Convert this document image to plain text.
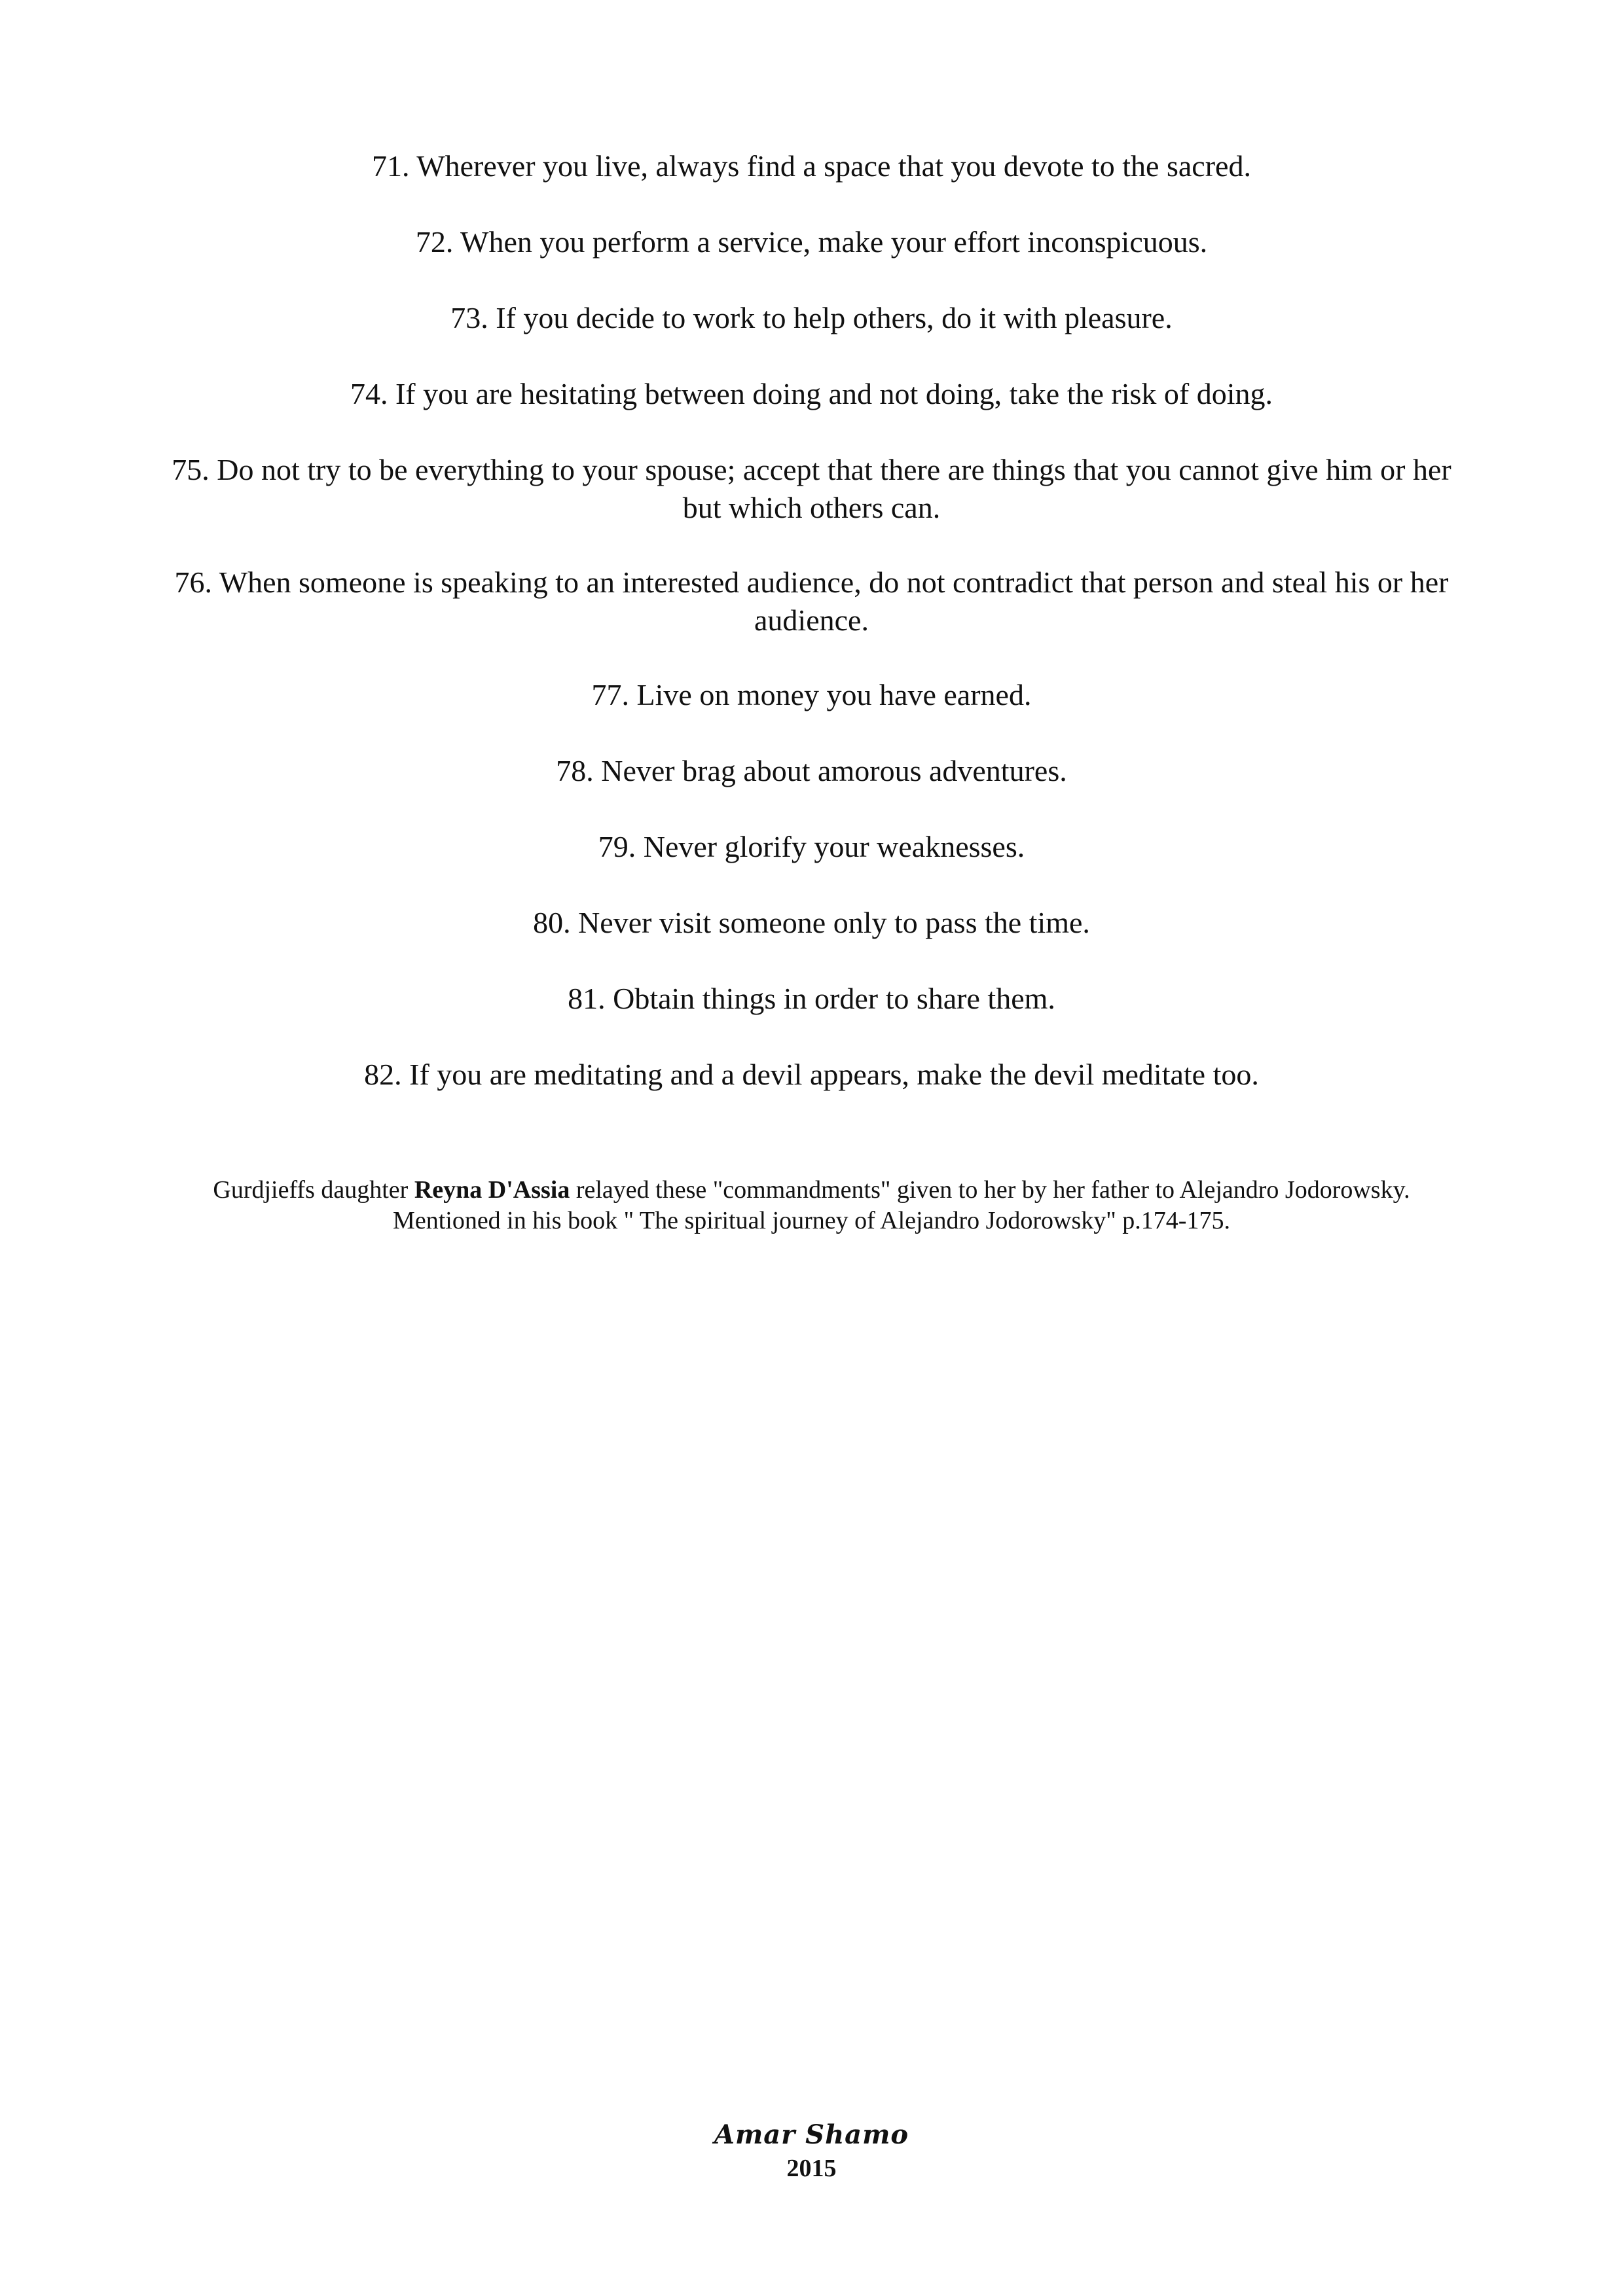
71. Wherever you live, always find a space that you devote to the sacred.
72. When you perform a service, make your effort inconspicuous.
73. If you decide to work to help others, do it with pleasure.
74. If you are hesitating between doing and not doing, take the risk of doing.
75. Do not try to be everything to your spouse; accept that there are things that you cannot give him or her but which others can.
76. When someone is speaking to an interested audience, do not contradict that person and steal his or her audience.
77. Live on money you have earned.
78. Never brag about amorous adventures.
79. Never glorify your weaknesses.
80. Never visit someone only to pass the time.
81. Obtain things in order to share them.
82. If you are meditating and a devil appears, make the devil meditate too.

Gurdjieffs daughter Reyna D'Assia relayed these "commandments" given to her by her father to Alejandro Jodorowsky.
Mentioned in his book " The spiritual journey of Alejandro Jodorowsky" p.174-175.

Amar Shamo
2015
